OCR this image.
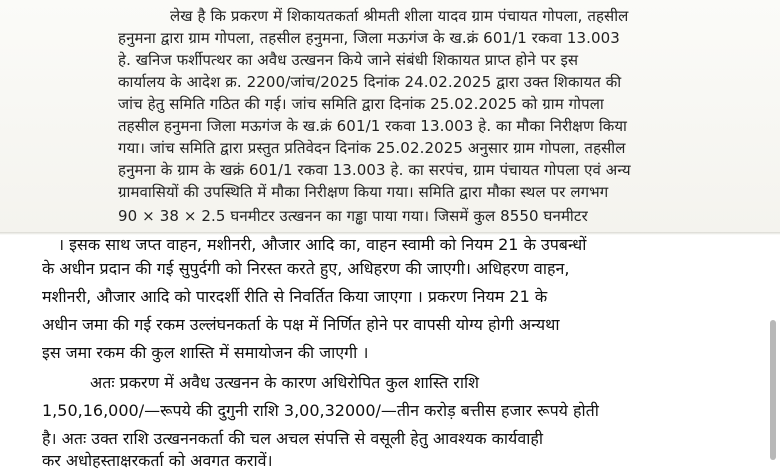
लेख है कि प्रकरण में शिकायतकर्ता श्रीमती शीला यादव ग्राम पंचायत गोपला, तहसील
हनुमना द्वारा ग्राम गोपला, तहसील हनुमना, जिला मऊगंज के ख.क्रं 601/1 रकवा 13.003
हे. खनिज फर्शीपत्थर का अवैध उत्खनन किये जाने संबंधी शिकायत प्राप्त होने पर इस
कार्यालय के आदेश क्र. 2200/जांच/2025 दिनांक 24.02.2025 द्वारा उक्त शिकायत की
जांच हेतु समिति गठित की गई। जांच समिति द्वारा दिनांक 25.02.2025 को ग्राम गोपला
तहसील हनुमना जिला मऊगंज के ख.क्रं 601/1 रकवा 13.003 हे. का मौका निरीक्षण किया
गया। जांच समिति द्वारा प्रस्तुत प्रतिवेदन दिनांक 25.02.2025 अनुसार ग्राम गोपला, तहसील
हनुमना के ग्राम के खक्रं 601/1 रकवा 13.003 हे. का सरपंच, ग्राम पंचायत गोपला एवं अन्य
ग्रामवासियों की उपस्थिति में मौका निरीक्षण किया गया। समिति द्वारा मौका स्थल पर लगभग
90 × 38 × 2.5 घनमीटर उत्खनन का गड्ढा पाया गया। जिसमें कुल 8550 घनमीटर
। इसक साथ जप्त वाहन, मशीनरी, औजार आदि का, वाहन स्वामी को नियम 21 के उपबन्धों
के अधीन प्रदान की गई सुपुर्दगी को निरस्त करते हुए, अधिहरण की जाएगी। अधिहरण वाहन,
मशीनरी, औजार आदि को पारदर्शी रीति से निवर्तित किया जाएगा । प्रकरण नियम 21 के
अधीन जमा की गई रकम उल्लंघनकर्ता के पक्ष में निर्णित होने पर वापसी योग्य होगी अन्यथा
इस जमा रकम की कुल शास्ति में समायोजन की जाएगी ।
अतः प्रकरण में अवैध उत्खनन के कारण अधिरोपित कुल शास्ति राशि
1,50,16,000/—रूपये की दुगुनी राशि 3,00,32000/—तीन करोड़ बत्तीस हजार रूपये होती
है। अतः उक्त राशि उत्खननकर्ता की चल अचल संपत्ति से वसूली हेतु आवश्यक कार्यवाही
कर अधोहस्ताक्षरकर्ता को अवगत करावें।
